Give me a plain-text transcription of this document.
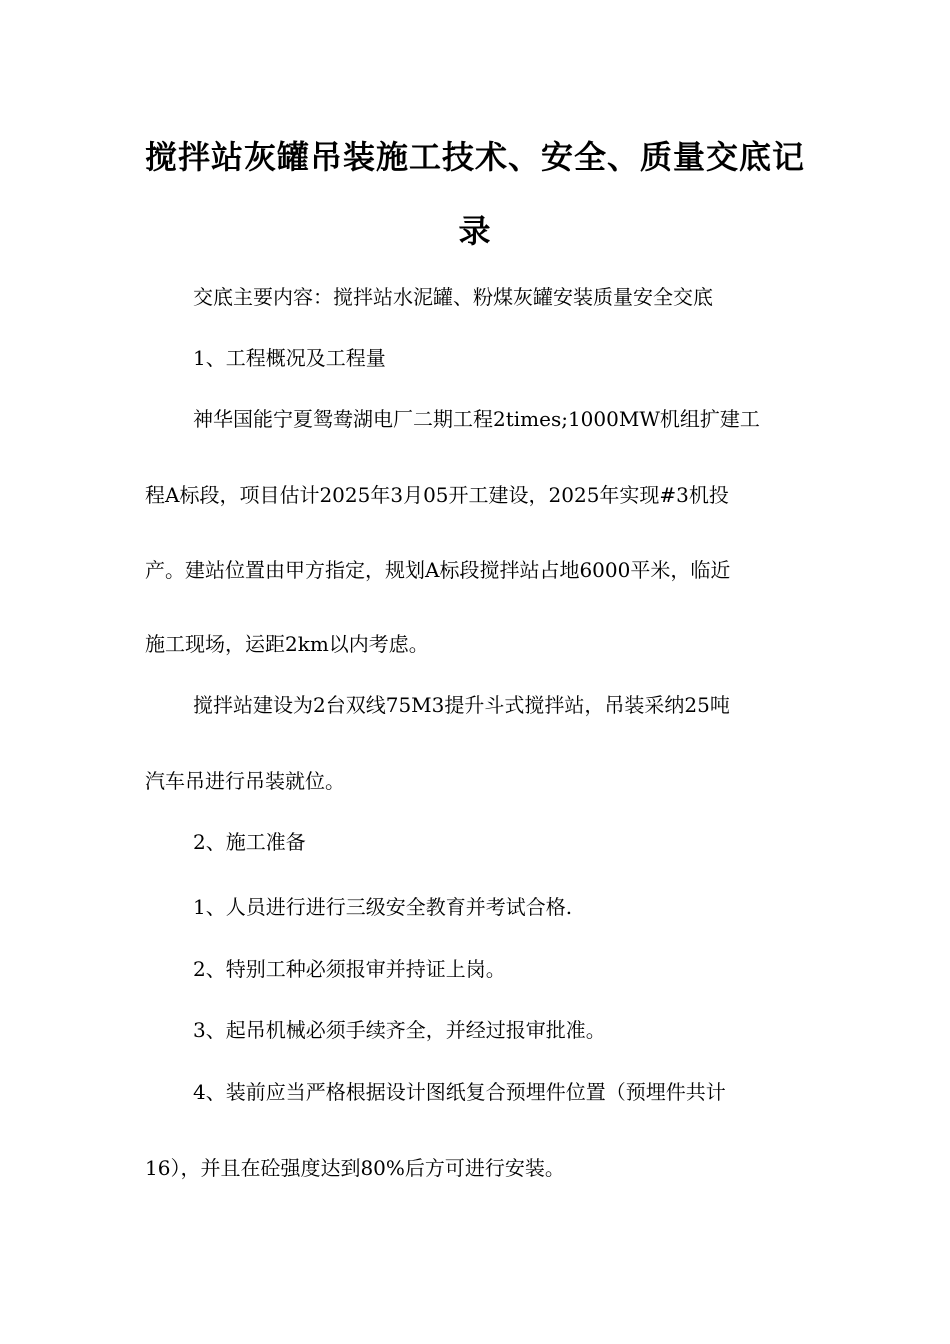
搅拌站灰罐吊装施工技术、安全、质量交底记
录
交底主要内容：搅拌站水泥罐、粉煤灰罐安装质量安全交底
1、工程概况及工程量
神华国能宁夏鸳鸯湖电厂二期工程2times;1000MW机组扩建工
程A标段，项目估计2025年3月05开工建设，2025年实现#3机投
产。建站位置由甲方指定，规划A标段搅拌站占地6000平米，临近
施工现场，运距2km以内考虑。
搅拌站建设为2台双线75M3提升斗式搅拌站，吊装采纳25吨
汽车吊进行吊装就位。
2、施工准备
1、人员进行进行三级安全教育并考试合格.
2、特别工种必须报审并持证上岗。
3、起吊机械必须手续齐全，并经过报审批准。
4、装前应当严格根据设计图纸复合预埋件位置（预埋件共计
16），并且在砼强度达到80%后方可进行安装。
